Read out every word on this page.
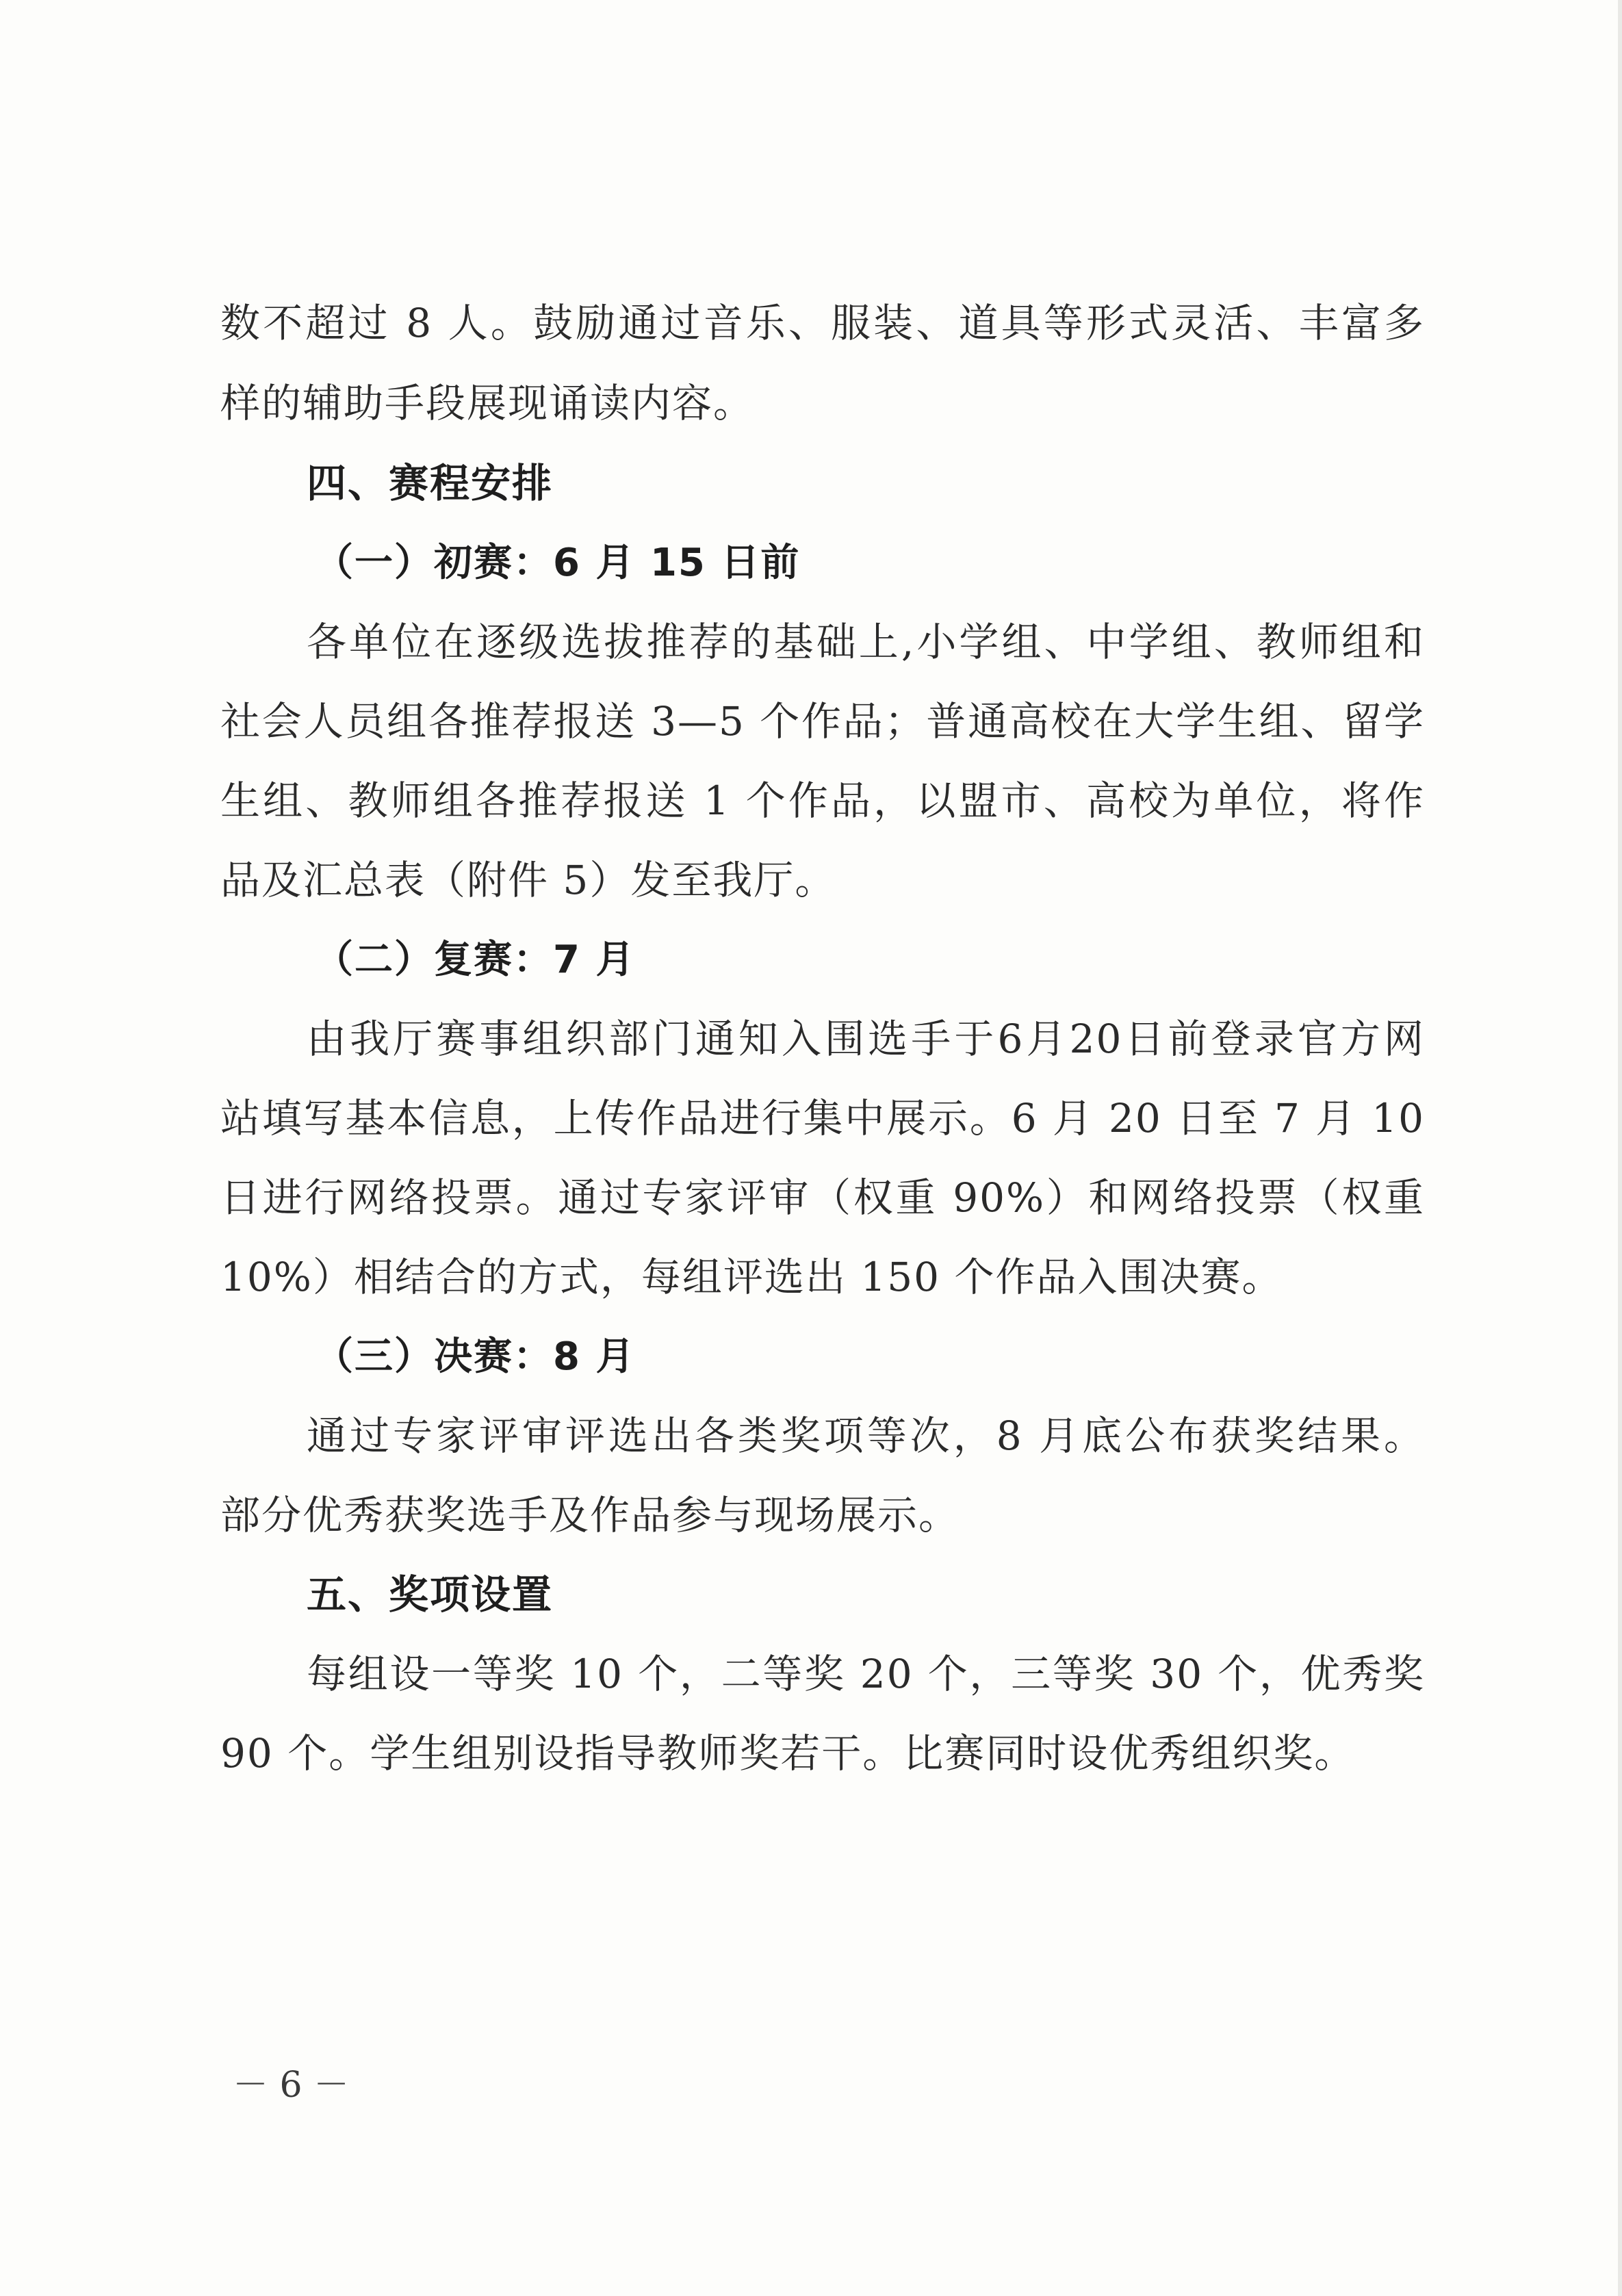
数不超过 8 人。鼓励通过音乐、服装、道具等形式灵活、丰富多
样的辅助手段展现诵读内容。
四、赛程安排
（一）初赛：6 月 15 日前
各单位在逐级选拔推荐的基础上,小学组、中学组、教师组和
社会人员组各推荐报送 3—5 个作品；普通高校在大学生组、留学
生组、教师组各推荐报送 1 个作品，以盟市、高校为单位，将作
品及汇总表（附件 5）发至我厅。
（二）复赛：7 月
由我厅赛事组织部门通知入围选手于6月20日前登录官方网
站填写基本信息，上传作品进行集中展示。6 月 20 日至 7 月 10
日进行网络投票。通过专家评审（权重 90%）和网络投票（权重
10%）相结合的方式，每组评选出 150 个作品入围决赛。
（三）决赛：8 月
通过专家评审评选出各类奖项等次，8 月底公布获奖结果。
部分优秀获奖选手及作品参与现场展示。
五、奖项设置
每组设一等奖 10 个，二等奖 20 个，三等奖 30 个，优秀奖
90 个。学生组别设指导教师奖若干。比赛同时设优秀组织奖。
－ 6 －
